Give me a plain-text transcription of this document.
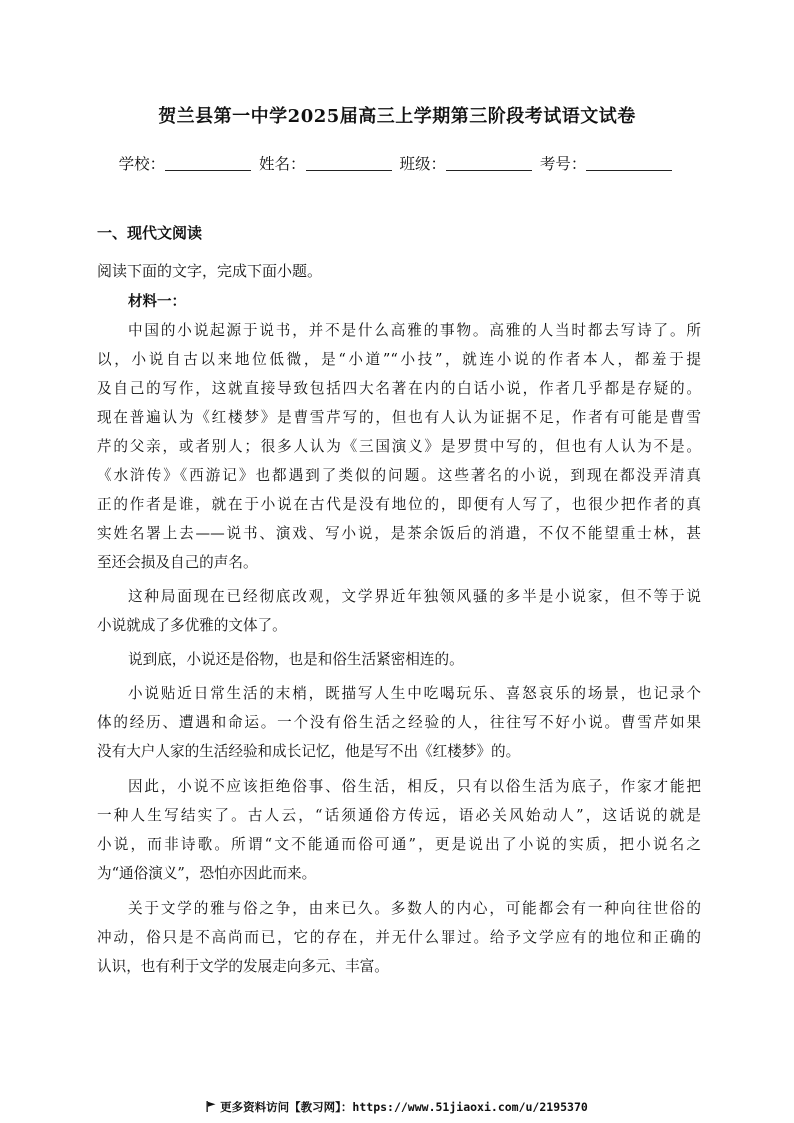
贺兰县第一中学2025届高三上学期第三阶段考试语文试卷
学校：	姓名：	班级：	考号：
一、现代文阅读
阅读下面的文字，完成下面小题。
材料一：
中国的小说起源于说书，并不是什么高雅的事物。高雅的人当时都去写诗了。所
以，小说自古以来地位低微，是“小道”“小技”，就连小说的作者本人，都羞于提
及自己的写作，这就直接导致包括四大名著在内的白话小说，作者几乎都是存疑的。
现在普遍认为《红楼梦》是曹雪芹写的，但也有人认为证据不足，作者有可能是曹雪
芹的父亲，或者别人；很多人认为《三国演义》是罗贯中写的，但也有人认为不是。
《水浒传》《西游记》也都遇到了类似的问题。这些著名的小说，到现在都没弄清真
正的作者是谁，就在于小说在古代是没有地位的，即便有人写了，也很少把作者的真
实姓名署上去——说书、演戏、写小说，是茶余饭后的消遣，不仅不能望重士林，甚
至还会损及自己的声名。
这种局面现在已经彻底改观，文学界近年独领风骚的多半是小说家，但不等于说
小说就成了多优雅的文体了。
说到底，小说还是俗物，也是和俗生活紧密相连的。
小说贴近日常生活的末梢，既描写人生中吃喝玩乐、喜怒哀乐的场景，也记录个
体的经历、遭遇和命运。一个没有俗生活之经验的人，往往写不好小说。曹雪芹如果
没有大户人家的生活经验和成长记忆，他是写不出《红楼梦》的。
因此，小说不应该拒绝俗事、俗生活，相反，只有以俗生活为底子，作家才能把
一种人生写结实了。古人云，“话须通俗方传远，语必关风始动人”，这话说的就是
小说，而非诗歌。所谓“文不能通而俗可通”，更是说出了小说的实质，把小说名之
为“通俗演义”，恐怕亦因此而来。
关于文学的雅与俗之争，由来已久。多数人的内心，可能都会有一种向往世俗的
冲动，俗只是不高尚而已，它的存在，并无什么罪过。给予文学应有的地位和正确的
认识，也有利于文学的发展走向多元、丰富。
更多资料访问【教习网】：https://www.51jiaoxi.com/u/2195370
